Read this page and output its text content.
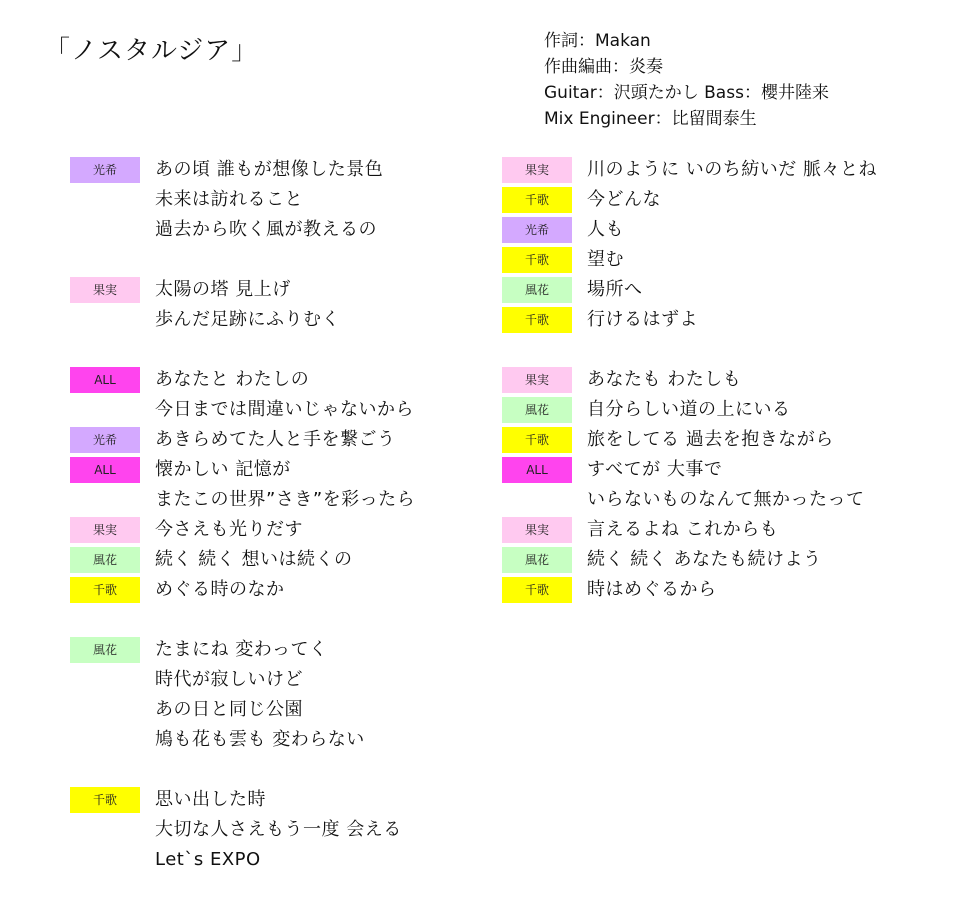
「ノスタルジア」	作詞：Makan
作曲編曲：炎奏
Guitar：沢頭たかし Bass：櫻井陸来
Mix Engineer：比留間泰生
光希	あの頃 誰もが想像した景色
未来は訪れること
過去から吹く風が教えるの
果実	太陽の塔 見上げ
歩んだ足跡にふりむく
ALL	あなたと わたしの
今日までは間違いじゃないから
光希	あきらめてた人と手を繋ごう
ALL	懐かしい 記憶が
またこの世界”さき”を彩ったら
果実	今さえも光りだす
風花	続く 続く 想いは続くの
千歌	めぐる時のなか
風花	たまにね 変わってく
時代が寂しいけど
あの日と同じ公園
鳩も花も雲も 変わらない
千歌	思い出した時
大切な人さえもう一度 会える
Let`s EXPO
果実	川のように いのち紡いだ 脈々とね
千歌	今どんな
光希	人も
千歌	望む
風花	場所へ
千歌	行けるはずよ
果実	あなたも わたしも
風花	自分らしい道の上にいる
千歌	旅をしてる 過去を抱きながら
ALL	すべてが 大事で
いらないものなんて無かったって
果実	言えるよね これからも
風花	続く 続く あなたも続けよう
千歌	時はめぐるから
